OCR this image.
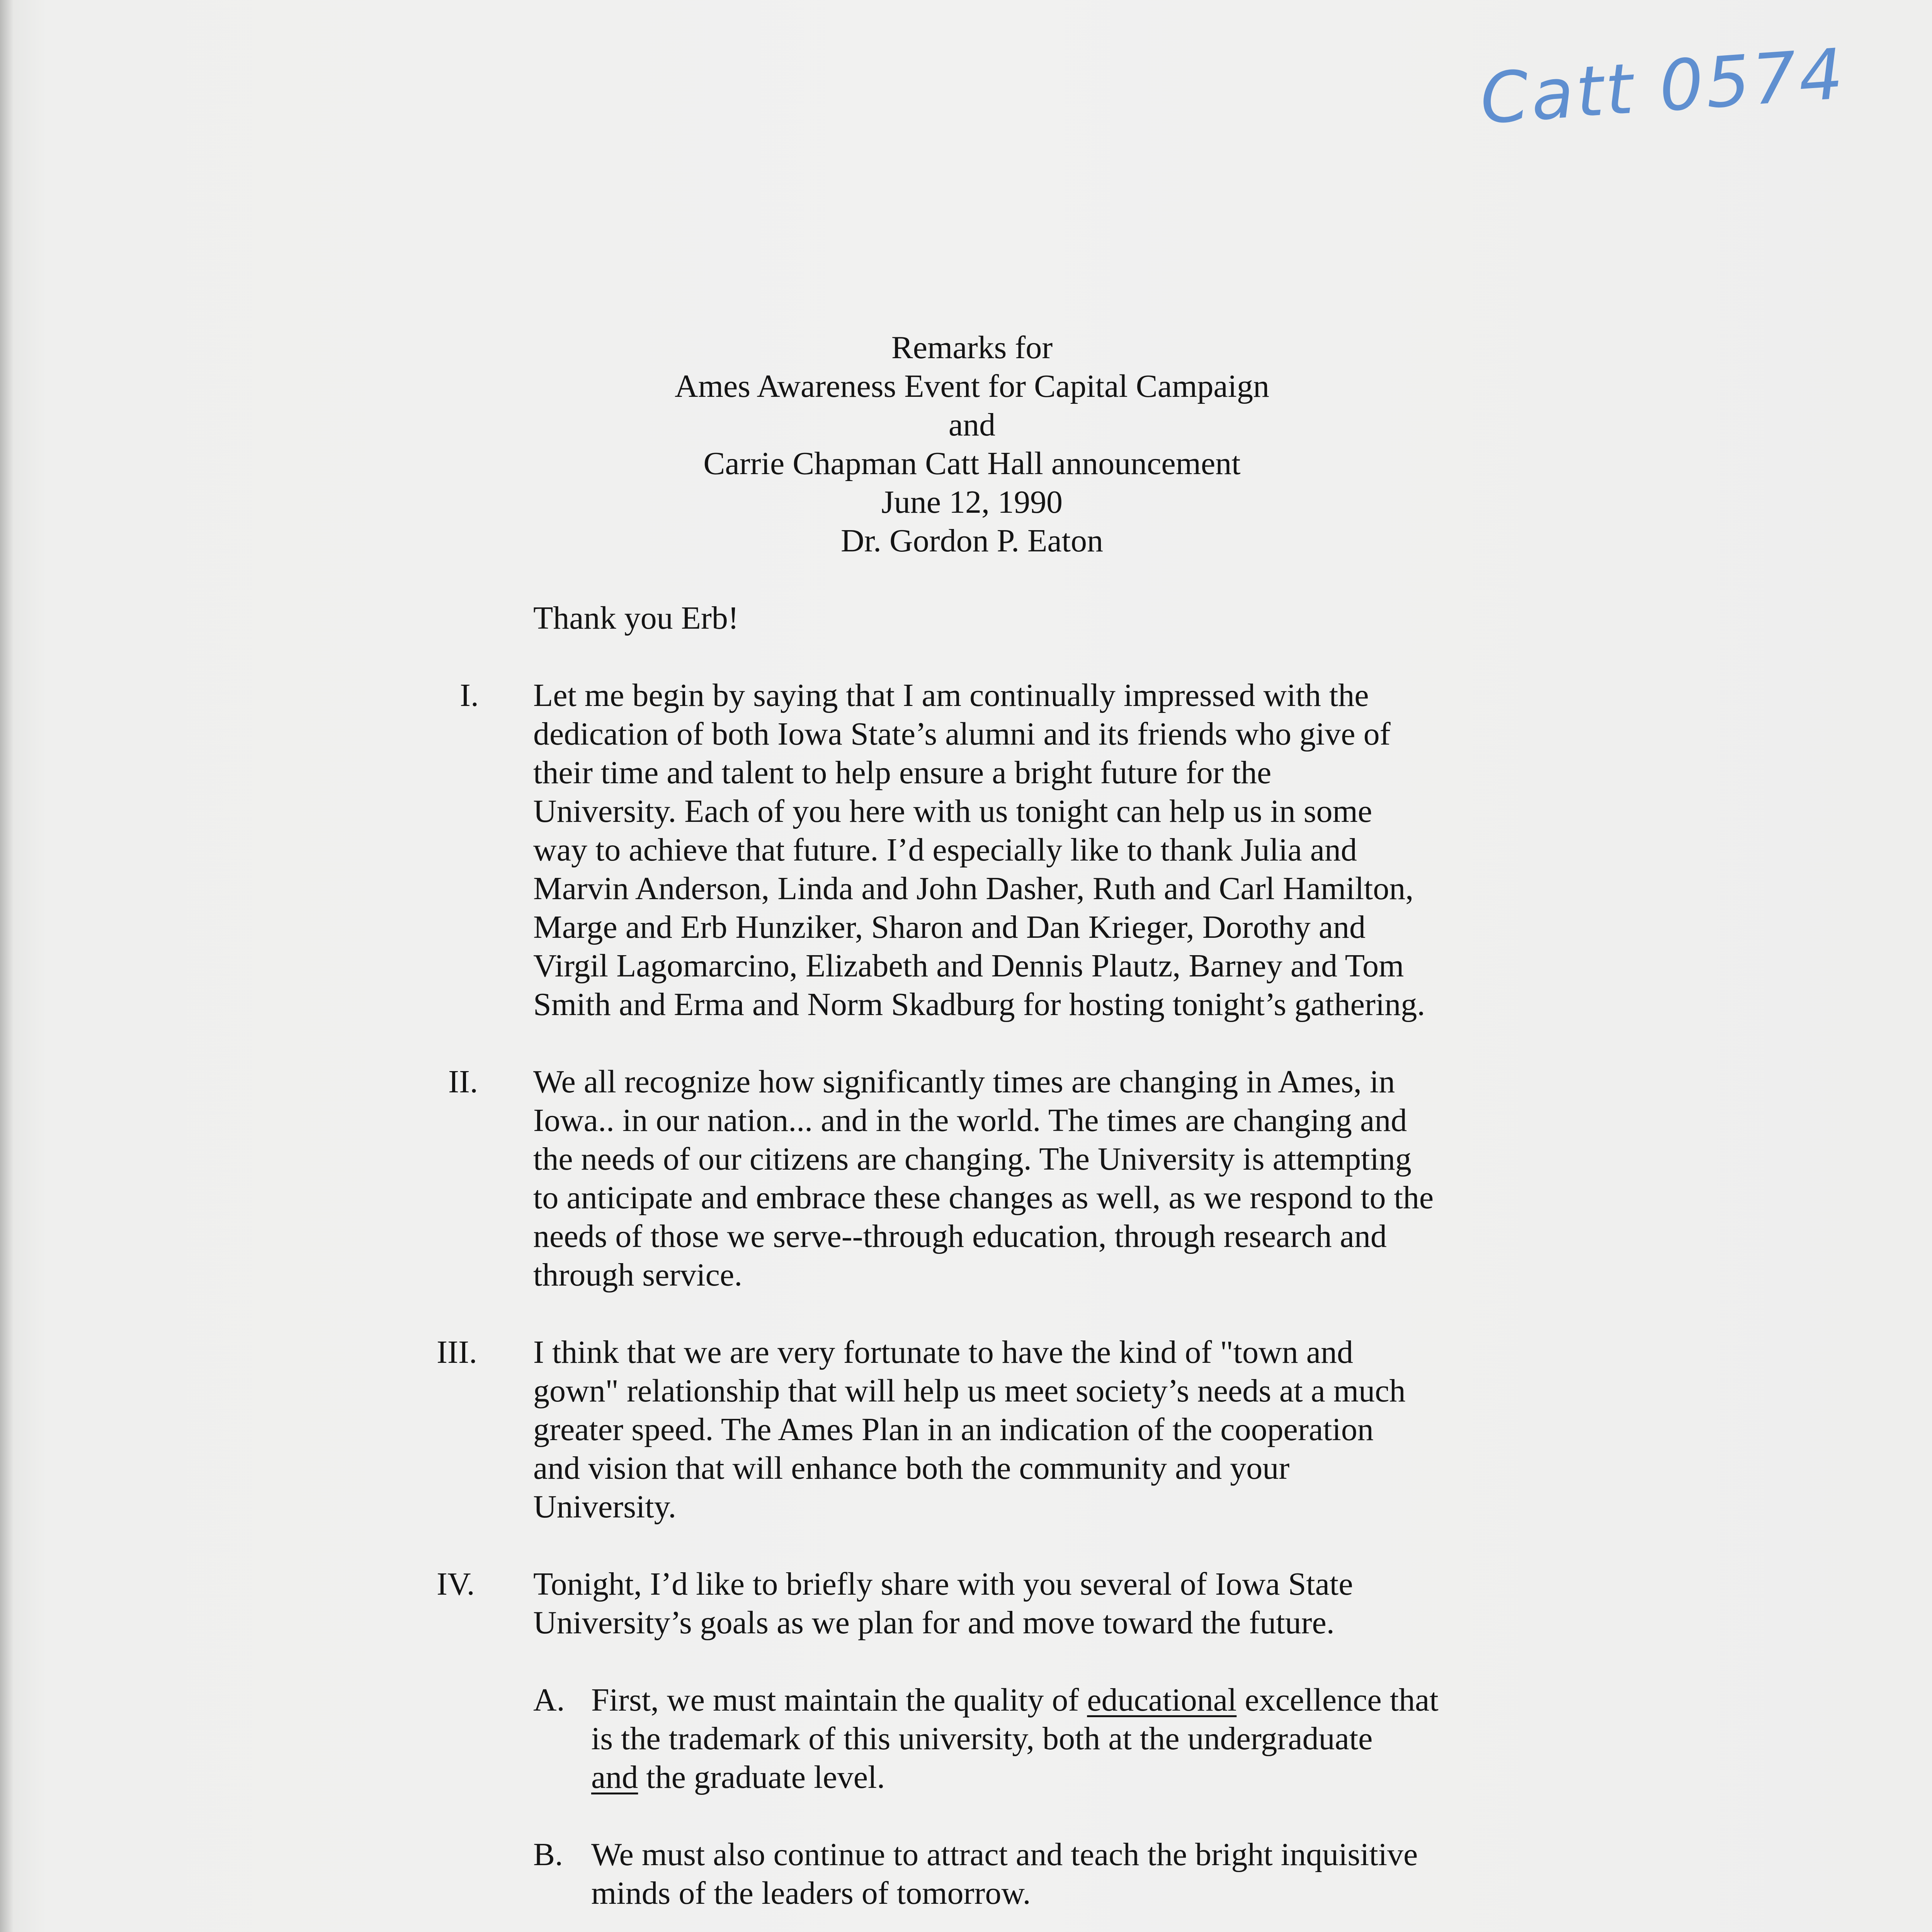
Catt 0574
Remarks for
Ames Awareness Event for Capital Campaign
and
Carrie Chapman Catt Hall announcement
June 12, 1990
Dr. Gordon P. Eaton
Thank you Erb!
I. Let me begin by saying that I am continually impressed with the
dedication of both Iowa State’s alumni and its friends who give of
their time and talent to help ensure a bright future for the
University. Each of you here with us tonight can help us in some
way to achieve that future. I’d especially like to thank Julia and
Marvin Anderson, Linda and John Dasher, Ruth and Carl Hamilton,
Marge and Erb Hunziker, Sharon and Dan Krieger, Dorothy and
Virgil Lagomarcino, Elizabeth and Dennis Plautz, Barney and Tom
Smith and Erma and Norm Skadburg for hosting tonight’s gathering.
II. We all recognize how significantly times are changing in Ames, in
Iowa.. in our nation... and in the world. The times are changing and
the needs of our citizens are changing. The University is attempting
to anticipate and embrace these changes as well, as we respond to the
needs of those we serve--through education, through research and
through service.
III. I think that we are very fortunate to have the kind of "town and
gown" relationship that will help us meet society’s needs at a much
greater speed. The Ames Plan in an indication of the cooperation
and vision that will enhance both the community and your
University.
IV. Tonight, I’d like to briefly share with you several of Iowa State
University’s goals as we plan for and move toward the future.
A. First, we must maintain the quality of educational excellence that
is the trademark of this university, both at the undergraduate
and the graduate level.
B. We must also continue to attract and teach the bright inquisitive
minds of the leaders of tomorrow.
